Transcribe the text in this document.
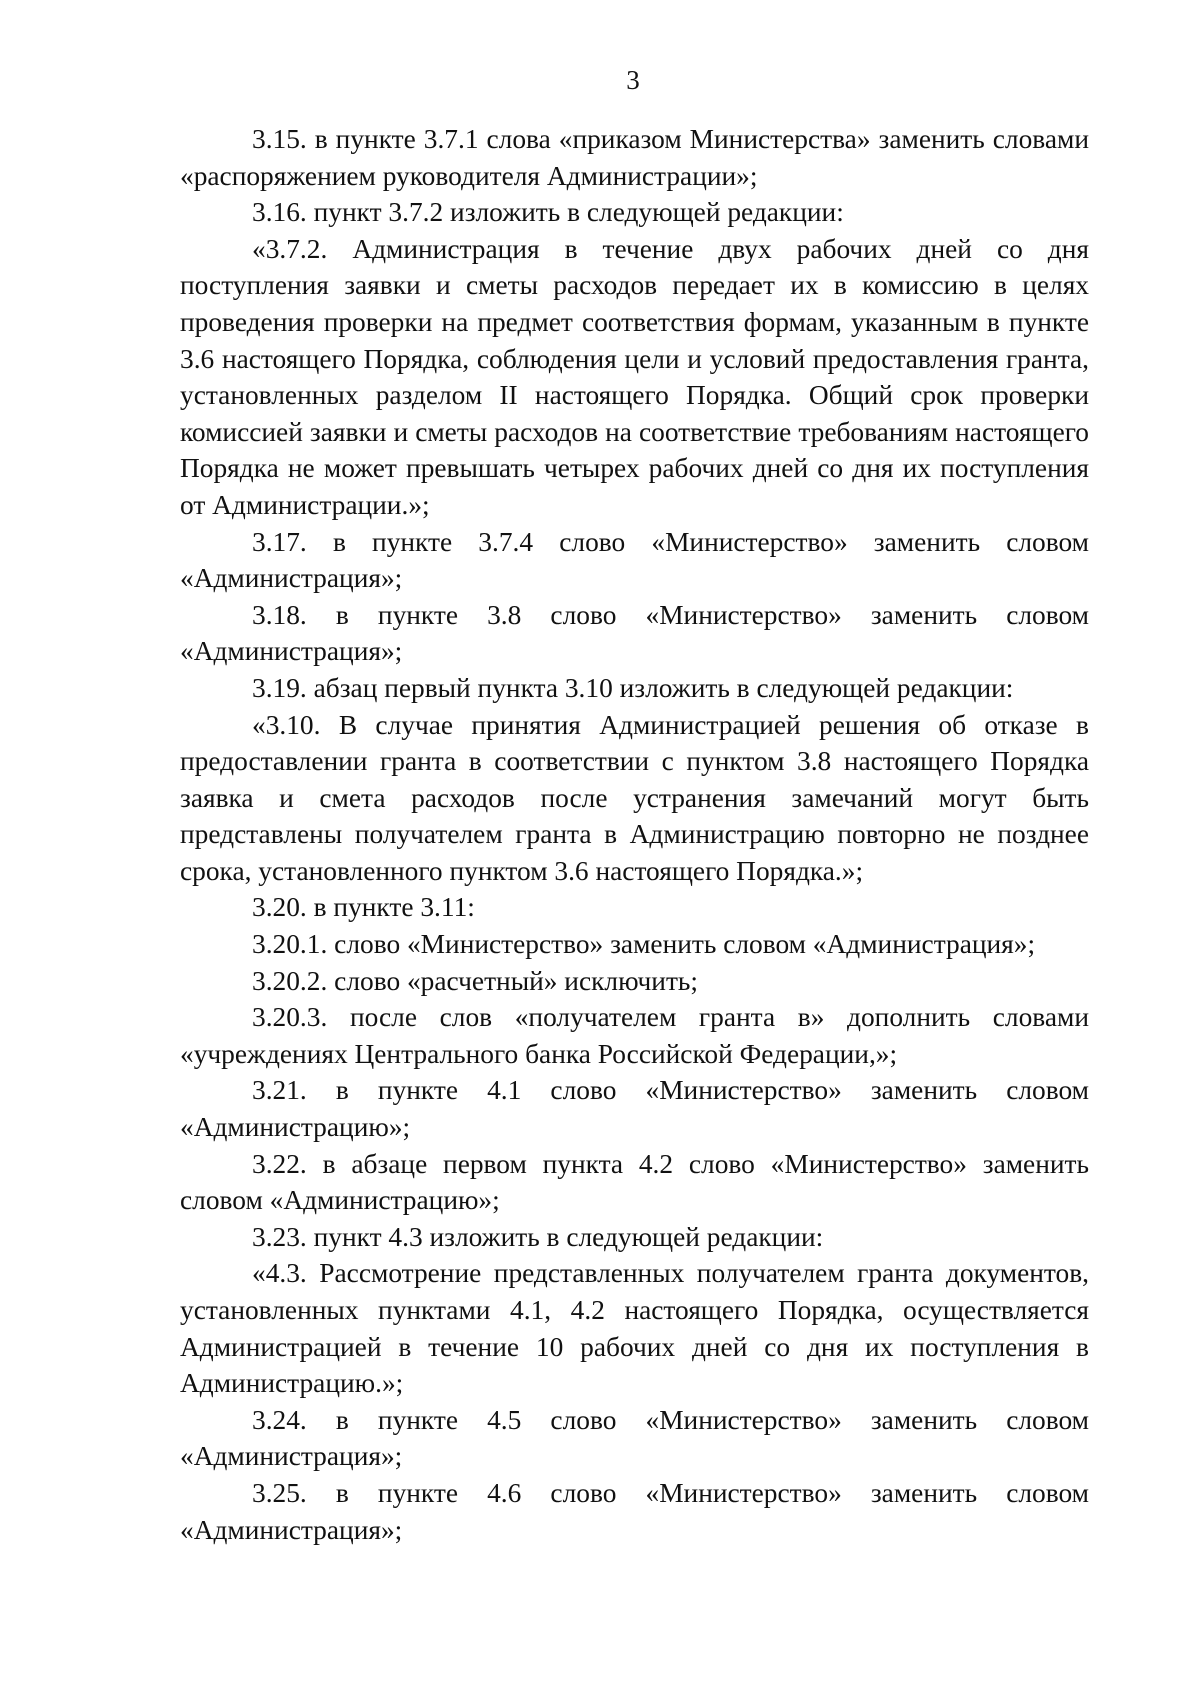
3

3.15. в пункте 3.7.1 слова «приказом Министерства» заменить словами «распоряжением руководителя Администрации»;

3.16. пункт 3.7.2 изложить в следующей редакции:

«3.7.2. Администрация в течение двух рабочих дней со дня поступления заявки и сметы расходов передает их в комиссию в целях проведения проверки на предмет соответствия формам, указанным в пункте 3.6 настоящего Порядка, соблюдения цели и условий предоставления гранта, установленных разделом II настоящего Порядка. Общий срок проверки комиссией заявки и сметы расходов на соответствие требованиям настоящего Порядка не может превышать четырех рабочих дней со дня их поступления от Администрации.»;

3.17. в пункте 3.7.4 слово «Министерство» заменить словом «Администрация»;

3.18. в пункте 3.8 слово «Министерство» заменить словом «Администрация»;

3.19. абзац первый пункта 3.10 изложить в следующей редакции:

«3.10. В случае принятия Администрацией решения об отказе в предоставлении гранта в соответствии с пунктом 3.8 настоящего Порядка заявка и смета расходов после устранения замечаний могут быть представлены получателем гранта в Администрацию повторно не позднее срока, установленного пунктом 3.6 настоящего Порядка.»;

3.20. в пункте 3.11:

3.20.1. слово «Министерство» заменить словом «Администрация»;

3.20.2. слово «расчетный» исключить;

3.20.3. после слов «получателем гранта в» дополнить словами «учреждениях Центрального банка Российской Федерации,»;

3.21. в пункте 4.1 слово «Министерство» заменить словом «Администрацию»;

3.22. в абзаце первом пункта 4.2 слово «Министерство» заменить словом «Администрацию»;

3.23. пункт 4.3 изложить в следующей редакции:

«4.3. Рассмотрение представленных получателем гранта документов, установленных пунктами 4.1, 4.2 настоящего Порядка, осуществляется Администрацией в течение 10 рабочих дней со дня их поступления в Администрацию.»;

3.24. в пункте 4.5 слово «Министерство» заменить словом «Администрация»;

3.25. в пункте 4.6 слово «Министерство» заменить словом «Администрация»;
